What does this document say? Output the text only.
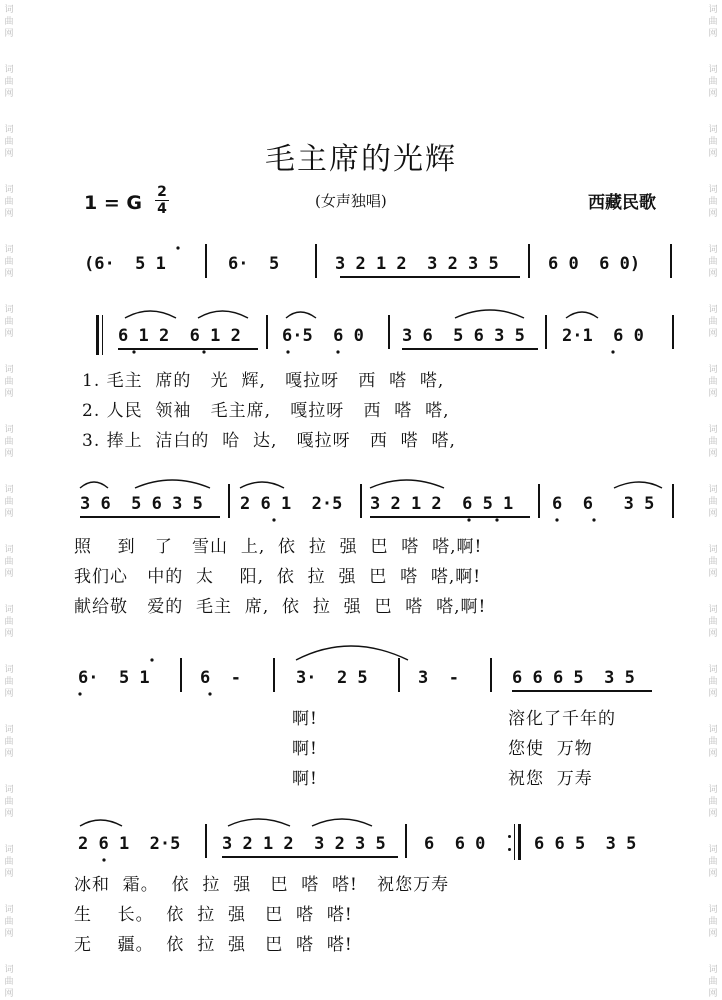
词
曲
网
词
曲
网
词
曲
网
词
曲
网
词
曲
网
词
曲
网
词
曲
网
词
曲
网
词
曲
网
词
曲
网
词
曲
网
词
曲
网
词
曲
网
词
曲
网
词
曲
网
词
曲
网
词
曲
网
词
曲
网
词
曲
网
词
曲
网
词
曲
网
词
曲
网
词
曲
网
词
曲
网
词
曲
网
词
曲
网
词
曲
网
词
曲
网
词
曲
网
词
曲
网
词
曲
网
词
曲
网
词
曲
网
词
曲
网
毛主席的光辉
1 = G 2
4	(女声独唱)	西藏民歌
(6·  5 1	6·  5	3 2 1 2  3 2 3 5	6 0  6 0)
6 1 2  6 1 2 6·5  6 0 3 6  5 6 3 5 2·1  6 0
1. 毛主  席的   光  辉,   嘎拉呀   西  嗒  嗒,
2. 人民  领袖   毛主席,   嘎拉呀   西  嗒  嗒,
3. 捧上  洁白的  哈  达,   嘎拉呀   西  嗒  嗒,
3 6  5 6 3 5 2 6 1  2·5 3 2 1 2  6 5 1 6  6   3 5
照    到   了   雪山  上,  依  拉  强  巴  嗒  嗒,啊!
我们心   中的  太    阳,  依  拉  强  巴  嗒  嗒,啊!
献给敬   爱的  毛主  席,  依  拉  强  巴  嗒  嗒,啊!
6·  5 1	6  -	3·  2 5	3  -	6 6 6 5  3 5
啊!	溶化了千年的
啊!	您使  万物
啊!	祝您  万寿
2 6 1  2·5 3 2 1 2  3 2 3 5 6  6 0	6 6 5  3 5
冰和  霜。  依  拉  强   巴  嗒  嗒!   祝您万寿
生    长。  依  拉  强   巴  嗒  嗒!
无    疆。  依  拉  强   巴  嗒  嗒!
